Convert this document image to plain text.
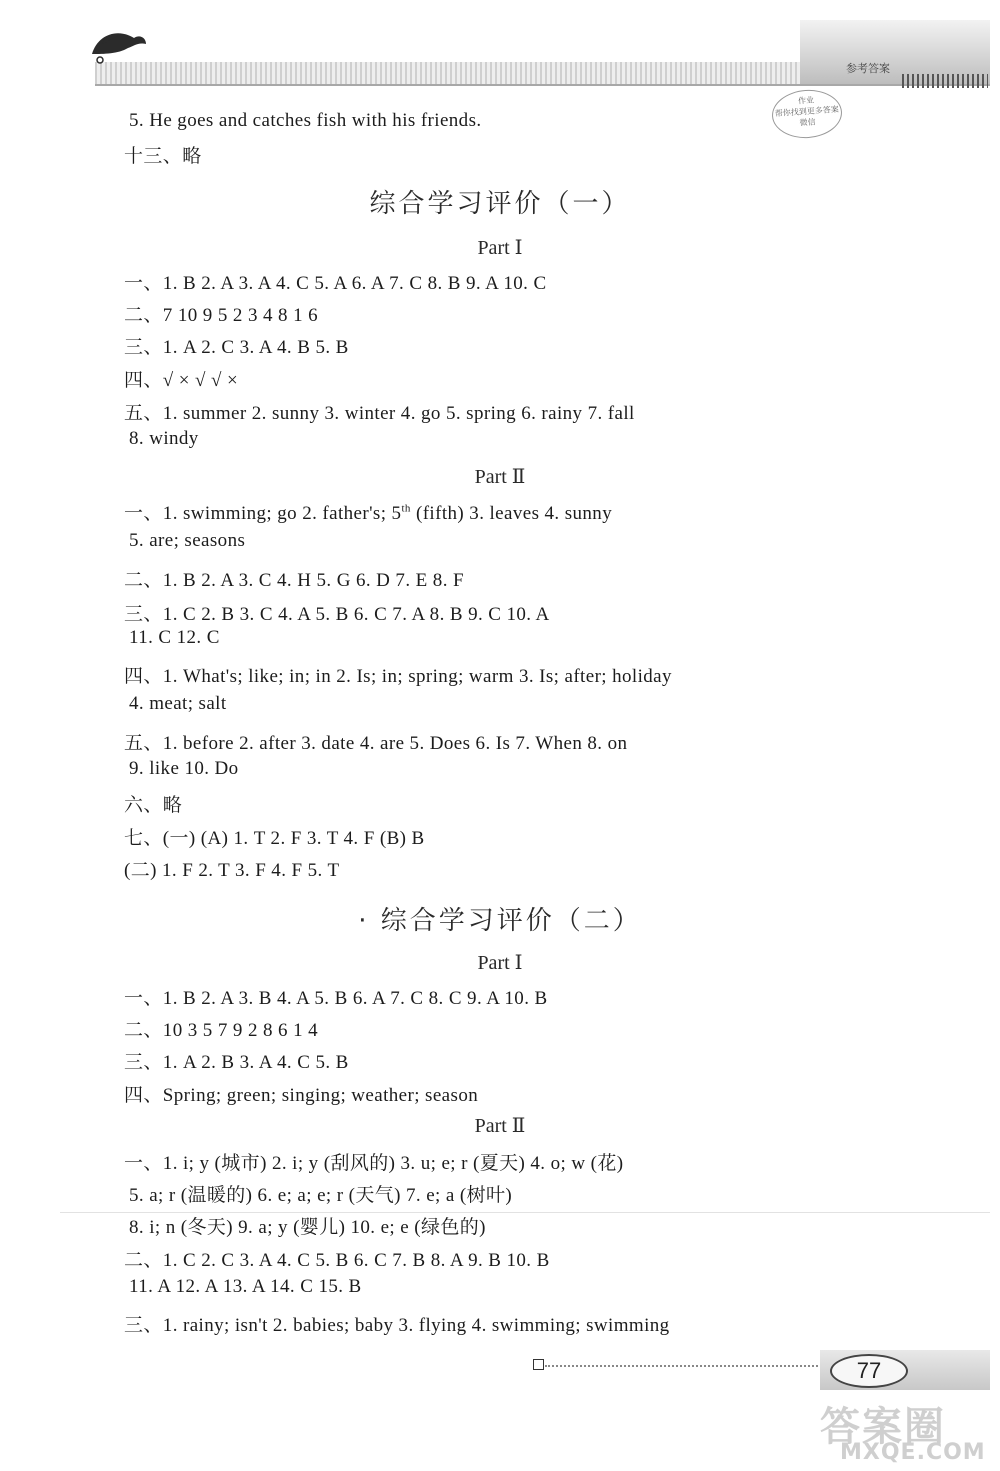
参考答案
作业
帮你找到更多答案
微信
5. He goes and catches fish with his friends.
十三、略
综合学习评价（一）
Part Ⅰ
一、1. B 2. A 3. A 4. C 5. A 6. A 7. C 8. B 9. A 10. C
二、7 10 9 5 2 3 4 8 1 6
三、1. A 2. C 3. A 4. B 5. B
四、√ × √ √ ×
五、1. summer 2. sunny 3. winter 4. go 5. spring 6. rainy 7. fall
8. windy
Part Ⅱ
一、1. swimming; go 2. father's; 5th (fifth) 3. leaves 4. sunny
5. are; seasons
二、1. B 2. A 3. C 4. H 5. G 6. D 7. E 8. F
三、1. C 2. B 3. C 4. A 5. B 6. C 7. A 8. B 9. C 10. A
11. C 12. C
四、1. What's; like; in; in 2. Is; in; spring; warm 3. Is; after; holiday
4. meat; salt
五、1. before 2. after 3. date 4. are 5. Does 6. Is 7. When 8. on
9. like 10. Do
六、略
七、(一) (A) 1. T 2. F 3. T 4. F (B) B
(二) 1. F 2. T 3. F 4. F 5. T
· 综合学习评价（二）
Part Ⅰ
一、1. B 2. A 3. B 4. A 5. B 6. A 7. C 8. C 9. A 10. B
二、10 3 5 7 9 2 8 6 1 4
三、1. A 2. B 3. A 4. C 5. B
四、Spring; green; singing; weather; season
Part Ⅱ
一、1. i; y (城市) 2. i; y (刮风的) 3. u; e; r (夏天) 4. o; w (花)
5. a; r (温暖的) 6. e; a; e; r (天气) 7. e; a (树叶)
8. i; n (冬天) 9. a; y (婴儿) 10. e; e (绿色的)
二、1. C 2. C 3. A 4. C 5. B 6. C 7. B 8. A 9. B 10. B
11. A 12. A 13. A 14. C 15. B
三、1. rainy; isn't 2. babies; baby 3. flying 4. swimming; swimming
77
答案圈
MXQE.COM
